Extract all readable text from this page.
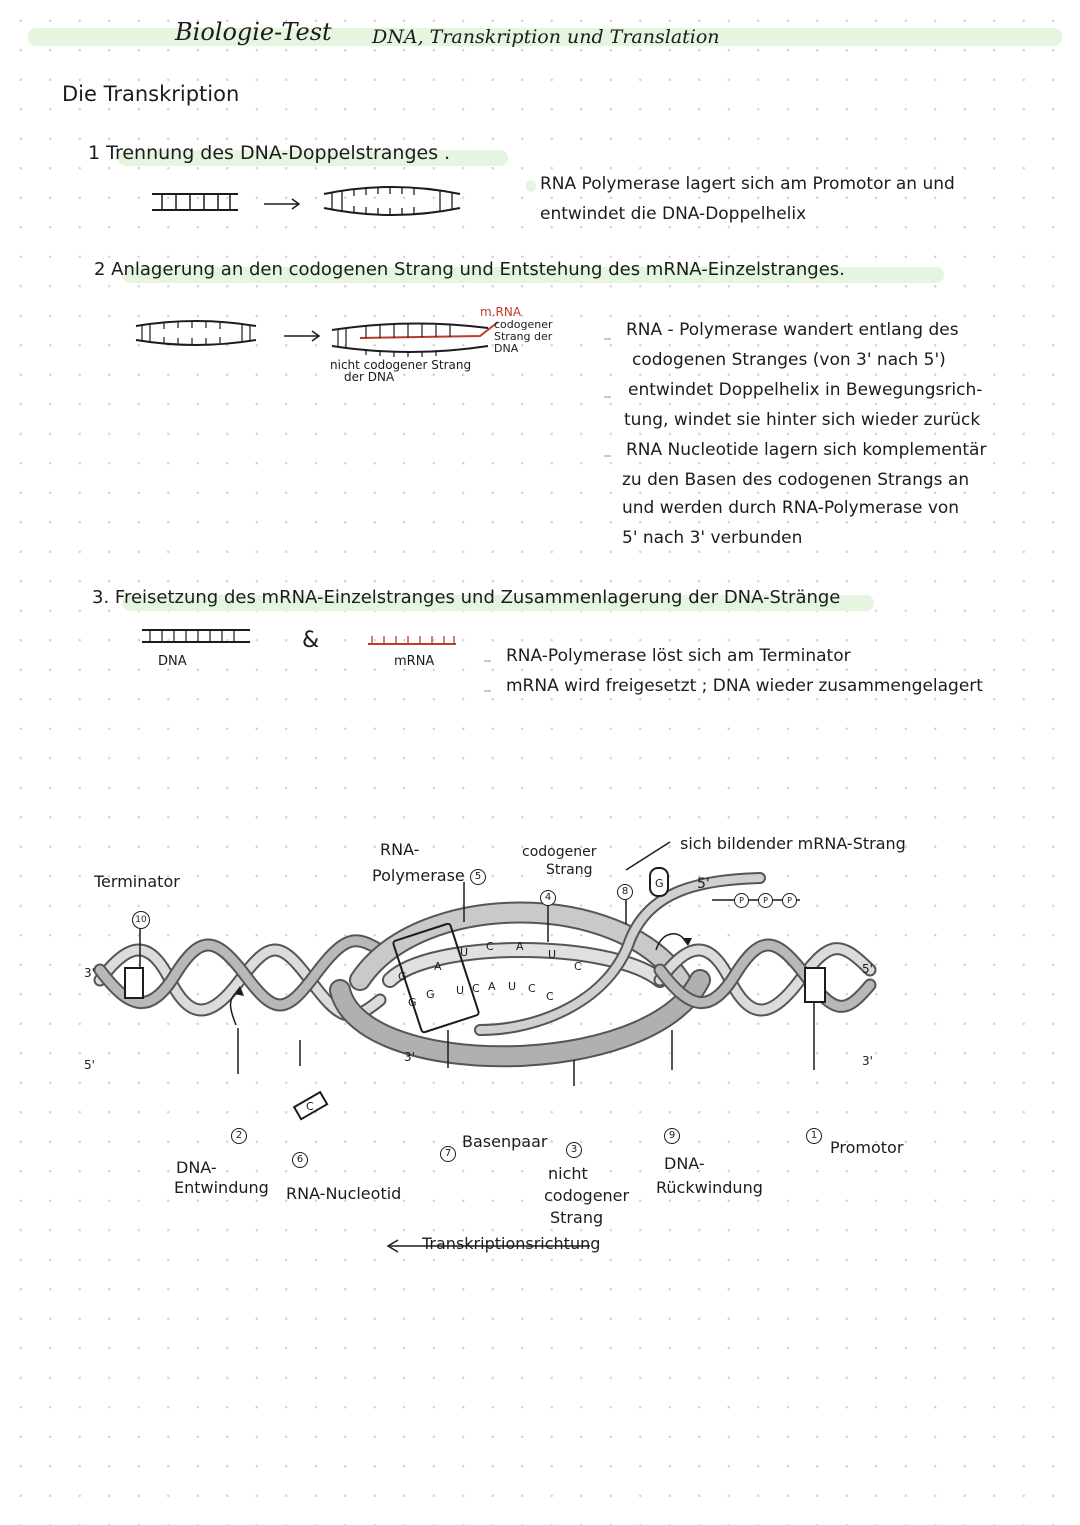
Biologie-Test DNA, Transkription und Translation
Die Transkription
1 Trennung des DNA-Doppelstranges .
RNA Polymerase lagert sich am Promotor an und
entwindet die DNA-Doppelhelix
2 Anlagerung an den codogenen Strang und Entstehung des mRNA-Einzelstranges.
m.RNA
codogener
Strang der
DNA
nicht codogener Strang
der DNA
RNA - Polymerase wandert entlang des
codogenen Stranges (von 3' nach 5')
entwindet Doppelhelix in Bewegungsrich-
tung, windet sie hinter sich wieder zurück
RNA Nucleotide lagern sich komplementär
zu den Basen des codogenen Strangs an
und werden durch RNA-Polymerase von
5' nach 3' verbunden
3. Freisetzung des mRNA-Einzelstranges und Zusammenlagerung der DNA-Stränge
DNA
&
mRNA	RNA-Polymerase löst sich am Terminator
mRNA wird freigesetzt ; DNA wieder zusammengelagert
A
U C A
U
C
G
G
G U C A U C
C
C
G
10
5
4
8
6
2
7	3
9	1
P	P	P
Terminator
RNA-
Polymerase
codogener
Strang
sich bildender mRNA-Strang
5'
3'
5'
5'
3'
3'
DNA-
Entwindung RNA-Nucleotid
Basenpaar
nicht
codogener
Strang
Transkriptionsrichtung
DNA-
Rückwindung
Promotor
